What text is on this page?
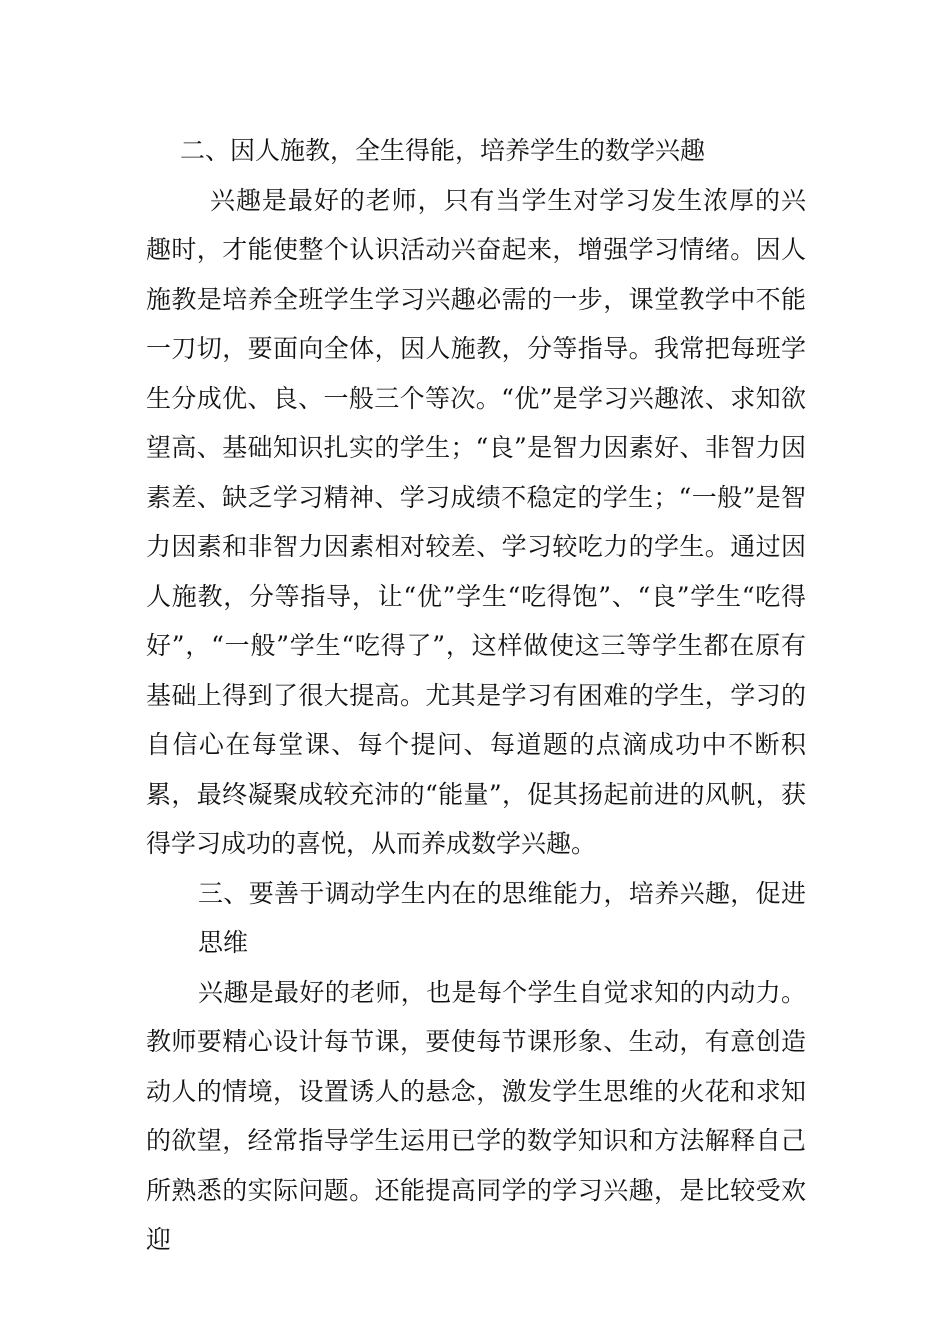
二、因人施教，全生得能，培养学生的数学兴趣

兴趣是最好的老师，只有当学生对学习发生浓厚的兴趣时，才能使整个认识活动兴奋起来，增强学习情绪。因人施教是培养全班学生学习兴趣必需的一步，课堂教学中不能一刀切，要面向全体，因人施教，分等指导。我常把每班学生分成优、良、一般三个等次。“优”是学习兴趣浓、求知欲望高、基础知识扎实的学生；“良”是智力因素好、非智力因素差、缺乏学习精神、学习成绩不稳定的学生；“一般”是智力因素和非智力因素相对较差、学习较吃力的学生。通过因人施教，分等指导，让“优”学生“吃得饱”、“良”学生“吃得好”，“一般”学生“吃得了”，这样做使这三等学生都在原有基础上得到了很大提高。尤其是学习有困难的学生，学习的自信心在每堂课、每个提问、每道题的点滴成功中不断积累，最终凝聚成较充沛的“能量”，促其扬起前进的风帆，获得学习成功的喜悦，从而养成数学兴趣。

三、要善于调动学生内在的思维能力，培养兴趣，促进思维

兴趣是最好的老师，也是每个学生自觉求知的内动力。教师要精心设计每节课，要使每节课形象、生动，有意创造动人的情境，设置诱人的悬念，激发学生思维的火花和求知的欲望，经常指导学生运用已学的数学知识和方法解释自己所熟悉的实际问题。还能提高同学的学习兴趣，是比较受欢迎
